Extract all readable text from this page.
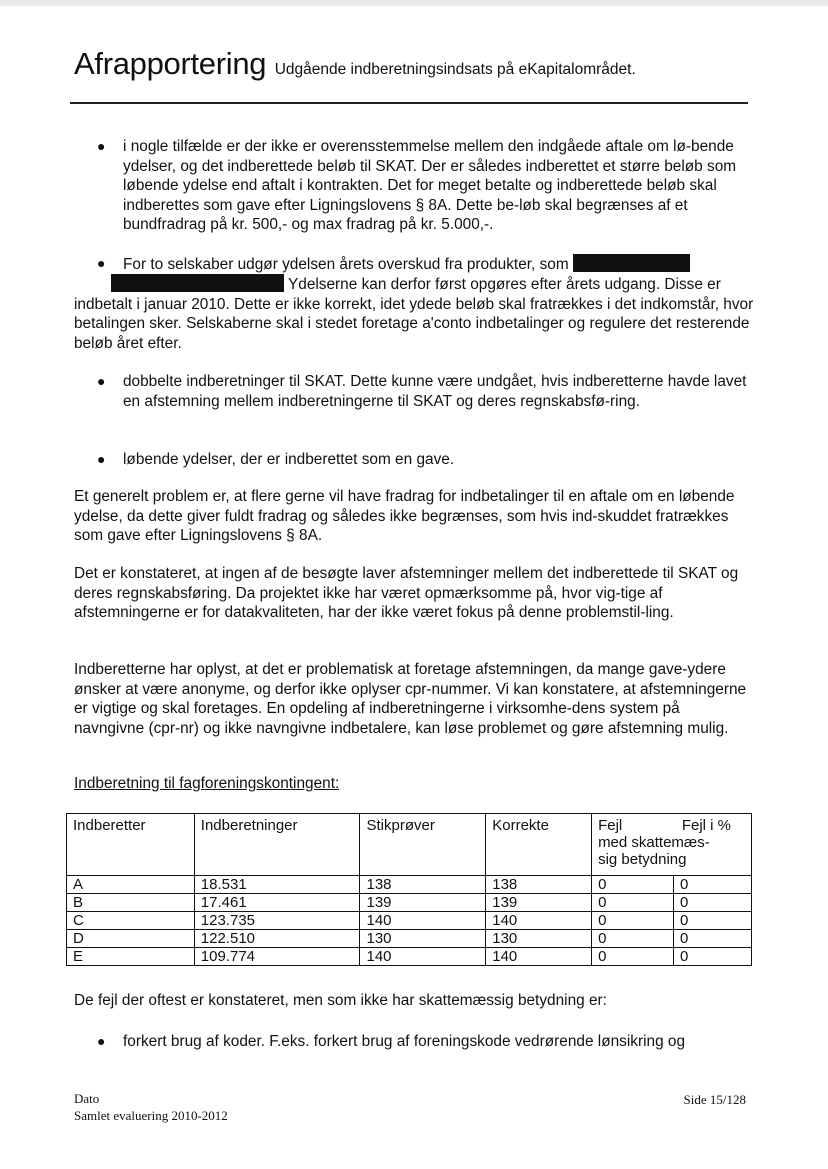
Afrapportering Udgående indberetningsindsats på eKapitalområdet.
● i nogle tilfælde er der ikke er overensstemmelse mellem den indgåede aftale om lø-bende ydelser, og det indberettede beløb til SKAT. Der er således indberettet et større beløb som løbende ydelse end aftalt i kontrakten. Det for meget betalte og indberettede beløb skal indberettes som gave efter Ligningslovens § 8A. Dette be-løb skal begrænses af et bundfradrag på kr. 500,- og max fradrag på kr. 5.000,-.
● For to selskaber udgør ydelsen årets overskud fra produkter, som
Ydelserne kan derfor først opgøres efter årets udgang. Disse er indbetalt i januar 2010. Dette er ikke korrekt, idet ydede beløb skal fratrækkes i det indkomstår, hvor betalingen sker. Selskaberne skal i stedet foretage a'conto indbetalinger og regulere det resterende beløb året efter.
● dobbelte indberetninger til SKAT. Dette kunne være undgået, hvis indberetterne havde lavet en afstemning mellem indberetningerne til SKAT og deres regnskabsfø-ring.
● løbende ydelser, der er indberettet som en gave.
Et generelt problem er, at flere gerne vil have fradrag for indbetalinger til en aftale om en løbende ydelse, da dette giver fuldt fradrag og således ikke begrænses, som hvis ind-skuddet fratrækkes som gave efter Ligningslovens § 8A.
Det er konstateret, at ingen af de besøgte laver afstemninger mellem det indberettede til SKAT og deres regnskabsføring. Da projektet ikke har været opmærksomme på, hvor vig-tige af afstemningerne er for datakvaliteten, har der ikke været fokus på denne problemstil-ling.
Indberetterne har oplyst, at det er problematisk at foretage afstemningen, da mange gave-ydere ønsker at være anonyme, og derfor ikke oplyser cpr-nummer. Vi kan konstatere, at afstemningerne er vigtige og skal foretages. En opdeling af indberetningerne i virksomhe-dens system på navngivne (cpr-nr) og ikke navngivne indbetalere, kan løse problemet og gøre afstemning mulig.
Indberetning til fagforeningskontingent:
Indberetter	Indberetninger	Stikprøver	Korrekte	Fejl Fejl i %
med skattemæs-sig betydning	

A	18.531	138	138	0	0
B	17.461	139	139	0	0
C	123.735	140	140	0	0
D	122.510	130	130	0	0
E	109.774	140	140	0	0
De fejl der oftest er konstateret, men som ikke har skattemæssig betydning er:
● forkert brug af koder. F.eks. forkert brug af foreningskode vedrørende lønsikring og
Dato
Samlet evaluering 2010-2012
Side 15/128
